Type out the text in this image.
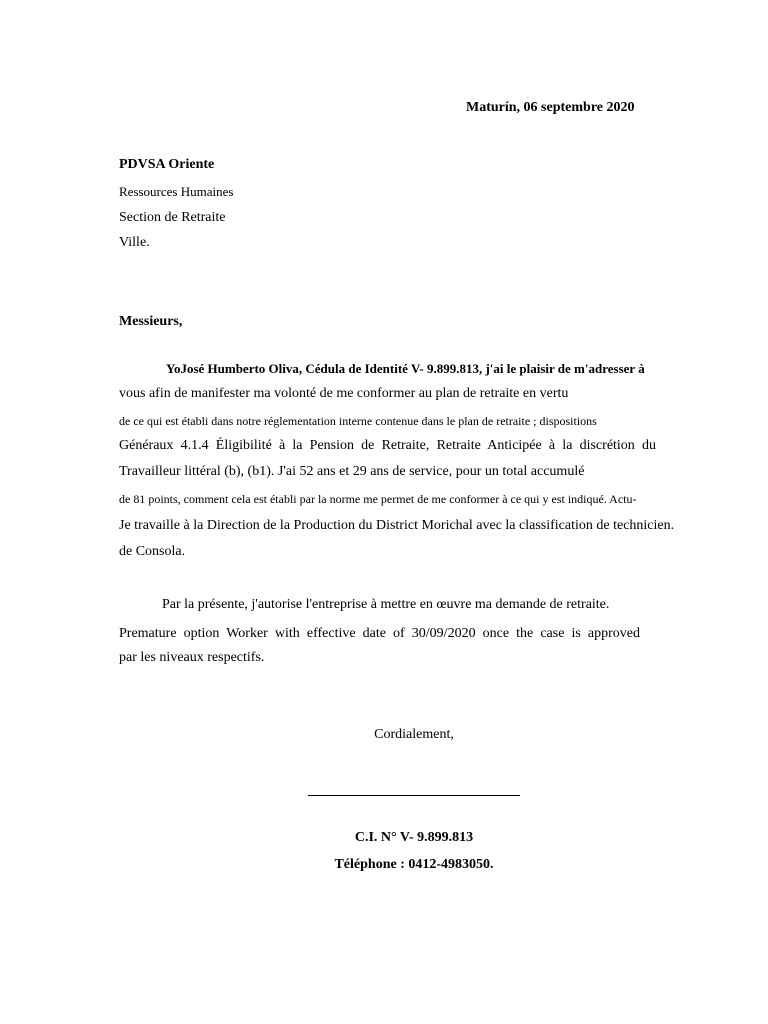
Maturín, 06 septembre 2020

PDVSA Oriente

Ressources Humaines

Section de Retraite

Ville.

Messieurs,

YoJosé Humberto Oliva, Cédula de Identité V- 9.899.813, j'ai le plaisir de m'adresser à

vous afin de manifester ma volonté de me conformer au plan de retraite en vertu

de ce qui est établi dans notre réglementation interne contenue dans le plan de retraite ; dispositions

Généraux 4.1.4 Éligibilité à la Pension de Retraite, Retraite Anticipée à la discrétion du

Travailleur littéral (b), (b1). J'ai 52 ans et 29 ans de service, pour un total accumulé

de 81 points, comment cela est établi par la norme me permet de me conformer à ce qui y est indiqué. Actu-

Je travaille à la Direction de la Production du District Morichal avec la classification de technicien.

de Consola.

Par la présente, j'autorise l'entreprise à mettre en œuvre ma demande de retraite.

Premature option Worker with effective date of 30/09/2020 once the case is approved

par les niveaux respectifs.

Cordialement,

C.I. N° V- 9.899.813

Téléphone : 0412-4983050.
